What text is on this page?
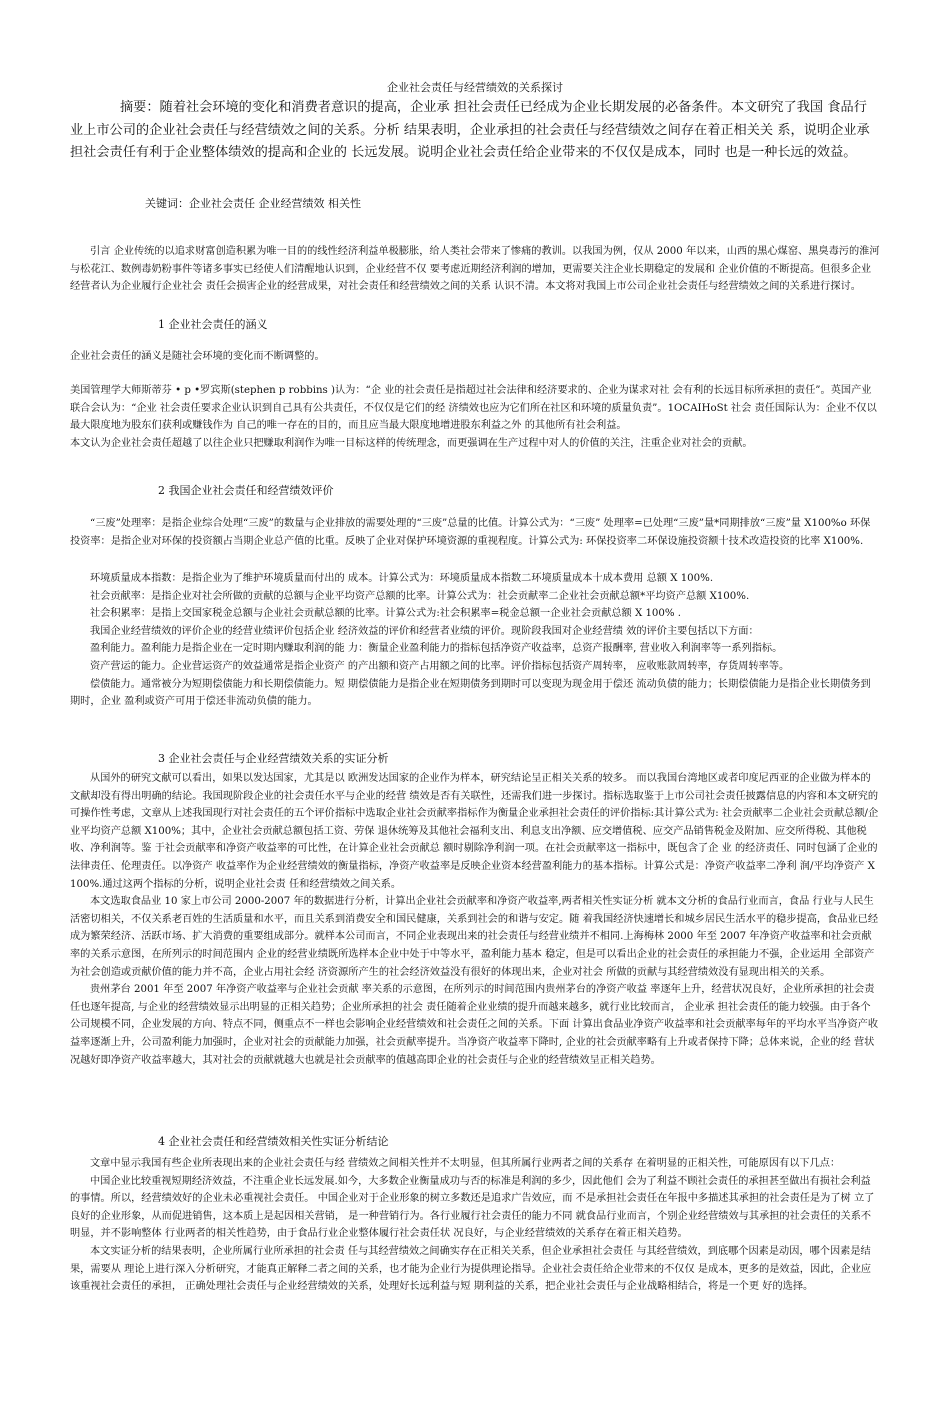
企业社会责任与经营绩效的关系探讨
摘要：随着社会环境的变化和消费者意识的提高，企业承 担社会责任已经成为企业长期发展的必备条件。本文研究了我国 食品行业上市公司的企业社会责任与经营绩效之间的关系。分析 结果表明，企业承担的社会责任与经营绩效之间存在着正相关关 系，说明企业承担社会责任有利于企业整体绩效的提高和企业的 长远发展。说明企业社会责任给企业带来的不仅仅是成本，同时 也是一种长远的效益。
关键词：企业社会责任 企业经营绩效 相关性
引言 企业传统的以追求财富创造积累为唯一目的的线性经济利益单极膨胀，给人类社会带来了惨痛的教训。以我国为例，仅从 2000 年以来，山西的黑心煤窑、黑臭毒污的淮河与松花江、数例毒奶粉事件等诸多事实已经使人们清醒地认识到，企业经营不仅 要考虑近期经济利润的增加，更需要关注企业长期稳定的发展和 企业价值的不断提高。但很多企业经营者认为企业履行企业社会 责任会损害企业的经营成果，对社会责任和经营绩效之间的关系 认识不清。本文将对我国上市公司企业社会责任与经营绩效之间的关系进行探讨。
1 企业社会责任的涵义
企业社会责任的涵义是随社会环境的变化而不断调整的。

美国管理学大师斯蒂芬 • p •罗宾斯(stephen p robbins )认为：“企 业的社会责任是指超过社会法律和经济要求的、企业为谋求对社 会有利的长远目标所承担的责任”。英国产业联合会认为：“企业 社会责任要求企业认识到自己具有公共责任，不仅仅是它们的经 济绩效也应为它们所在社区和环境的质量负责”。1OCAIHoSt 社会 责任国际认为：企业不仅以最大限度地为股东们获利或赚钱作为 自己的唯一存在的目的，而且应当最大限度地增进股东利益之外 的其他所有社会利益。

本文认为企业社会责任超越了以往企业只把赚取利润作为唯一目标这样的传统理念，而更强调在生产过程中对人的价值的关注，注重企业对社会的贡献。

2 我国企业社会责任和经营绩效评价
“三废”处理率：是指企业综合处理“三废”的数量与企业排放的需要处理的“三废”总量的比值。计算公式为：“三废” 处理率=已处理“三废”量*同期排放“三废”量 X100%o 环保投资率：是指企业对环保的投资额占当期企业总产值的比重。反映了企业对保护环境资源的重视程度。计算公式为: 环保投资率二环保设施投资额十技术改造投资的比率 X100%.

环境质量成本指数：是指企业为了维护环境质量而付出的 成本。计算公式为：环境质量成本指数二环境质量成本十成本费用 总额 X 100%.

社会贡献率：是指企业对社会所做的贡献的总额与企业平均资产总额的比率。计算公式为：社会贡献率二企业社会贡献总额*平均资产总额 X100%.

社会积累率：是指上交国家税金总额与企业社会贡献总额的比率。计算公式为:社会积累率=税金总额一企业社会贡献总额 X 100% .

我国企业经营绩效的评价企业的经营业绩评价包括企业 经济效益的评价和经营者业绩的评价。现阶段我国对企业经营绩 效的评价主要包括以下方面：

盈利能力。盈利能力是指企业在一定时期内赚取利润的能 力：衡量企业盈利能力的指标包括净资产收益率，总资产报酬率, 营业收入利润率等一系列指标。

资产营运的能力。企业营运资产的效益通常是指企业资产 的产出额和资产占用额之间的比率。评价指标包括资产周转率， 应收账款周转率，存货周转率等。

偿债能力。通常被分为短期偿债能力和长期偿债能力。短 期偿债能力是指企业在短期债务到期时可以变现为现金用于偿还 流动负债的能力；长期偿债能力是指企业长期债务到期时，企业 盈利或资产可用于偿还非流动负债的能力。

3 企业社会责任与企业经营绩效关系的实证分析

从国外的研究文献可以看出，如果以发达国家，尤其是以 欧洲发达国家的企业作为样本，研究结论呈正相关关系的较多。 而以我国台湾地区或者印度尼西亚的企业做为样本的文献却没有得出明确的结论。我国现阶段企业的社会责任水平与企业的经营 绩效是否有关联性，还需我们进一步探讨。指标选取鉴于上市公司社会责任披露信息的内容和本文研究的可操作性考虑，文章从上述我国现行对社会责任的五个评价指标中选取企业社会贡献率指标作为衡量企业承担社会责任的评价指标:其计算公式为: 社会贡献率二企业社会贡献总额/企业平均资产总额 X100%；其中，企业社会贡献总额包括工资、劳保 退休统筹及其他社会福利支出、利息支出净额、应交增值税、应交产品销售税金及附加、应交所得税、其他税收、净利润等。鉴 于社会贡献率和净资产收益率的可比性，在计算企业社会贡献总 额时剔除净利润一项。在社会贡献率这一指标中，既包含了企 业 的经济责任、同时包涵了企业的法律责任、伦理责任。以净资产 收益率作为企业经营绩效的衡量指标，净资产收益率是反映企业资本经营盈利能力的基本指标。计算公式是：净资产收益率二净利 润/平均净资产 X 100%.通过这两个指标的分析，说明企业社会责 任和经营绩效之间关系。

本文选取食品业 10 家上市公司 2000-2007 年的数据进行分析，计算出企业社会贡献率和净资产收益率,两者相关性实证分析 就本文分析的食品行业而言，食品 行业与人民生活密切相关，不仅关系老百姓的生活质量和水平，而且关系到消费安全和国民健康，关系到社会的和谐与安定。随 着我国经济快速增长和城乡居民生活水平的稳步提高，食品业已经成为繁荣经济、活跃市场、扩大消费的重要组成部分。就样本公司而言，不同企业表现出来的社会责任与经营业绩并不相同.上海梅林 2000 年至 2007 年净资产收益率和社会贡献率的关系示意图，在所列示的时间范围内 企业的经营业绩既所选样本企业中处于中等水平，盈利能力基本 稳定，但是可以看出企业的社会责任的承担能力不强，企业运用 全部资产为社会创造或贡献价值的能力并不高，企业占用社会经 济资源所产生的社会经济效益没有很好的体现出来，企业对社会 所做的贡献与其经营绩效没有显现出相关的关系。

贵州茅台 2001 年至 2007 年净资产收益率与企业社会贡献 率关系的示意图，在所列示的时间范围内贵州茅台的净资产收益 率逐年上升，经营状况良好，企业所承担的社会责任也逐年提高, 与企业的经营绩效显示出明显的正相关趋势；企业所承担的社会 责任随着企业业绩的提升而越来越多，就行业比较而言， 企业承 担社会责任的能力较强。由于各个公司规模不同，企业发展的方向、特点不同，侧重点不一样也会影响企业经营绩效和社会责任之间的关系。下面 计算出食品业净资产收益率和社会贡献率每年的平均水平当净资产收益率逐渐上升，公司盈利能力加强时，企业对社会的贡献能力加强，社会贡献率提升。当净资产收益率下降时, 企业的社会贡献率略有上升或者保持下降；总体来说，企业的经 营状况越好即净资产收益率越大，其对社会的贡献就越大也就是社会贡献率的值越高即企业的社会责任与企业的经营绩效呈正相关趋势。

4 企业社会责任和经营绩效相关性实证分析结论

文章中显示我国有些企业所表现出来的企业社会责任与经 营绩效之间相关性并不太明显，但其所属行业两者之间的关系存 在着明显的正相关性，可能原因有以下几点：

中国企业比较重视短期经济效益，不注重企业长远发展.如今，大多数企业衡量成功与否的标准是利润的多少，因此他们 会为了利益不顾社会责任的承担甚至做出有损社会利益的事情。所以，经营绩效好的企业未必重视社会责任。 中国企业对于企业形象的树立多数还是追求广告效应，而 不是承担社会责任在年报中多描述其承担的社会责任是为了树 立了良好的企业形象，从而促进销售，这本质上是起因相关营销， 是一种营销行为。各行业履行社会责任的能力不同 就食品行业而言，个别企业经营绩效与其承担的社会责任的关系不明显，并不影响整体 行业两者的相关性趋势，由于食品行业企业整体履行社会责任状 况良好，与企业经营绩效的关系存在着正相关趋势。

本文实证分析的结果表明，企业所属行业所承担的社会责 任与其经营绩效之间确实存在正相关关系，但企业承担社会责任 与其经营绩效，到底哪个因素是动因，哪个因素是结果，需要从 理论上进行深入分析研究，才能真正解释二者之间的关系，也才能为企业行为提供理论指导。企业社会责任给企业带来的不仅仅 是成本，更多的是效益，因此，企业应该重视社会责任的承担， 正确处理社会责任与企业经营绩效的关系，处理好长远利益与短 期利益的关系，把企业社会责任与企业战略相结合，将是一个更 好的选择。
